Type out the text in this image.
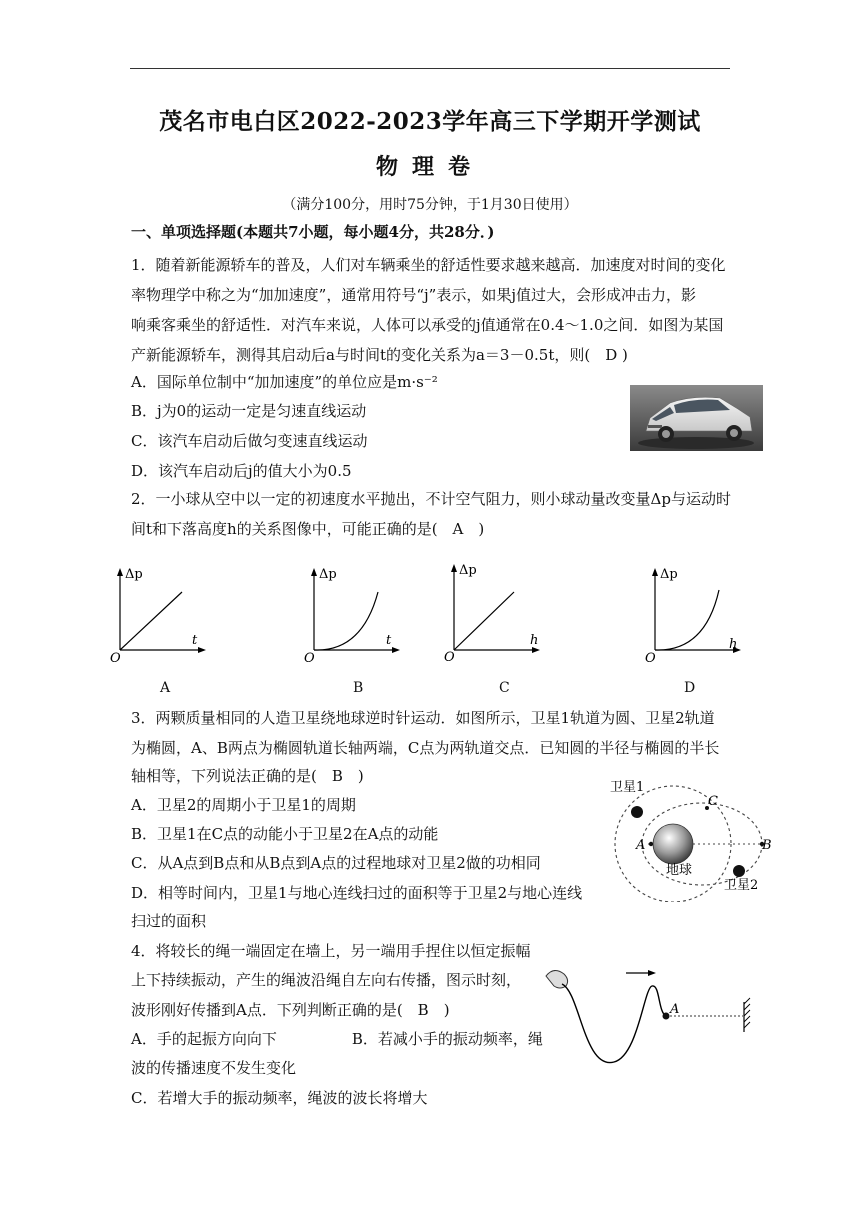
茂名市电白区2022-2023学年高三下学期开学测试
物理卷
（满分100分，用时75分钟，于1月30日使用）
一、单项选择题(本题共7小题，每小题4分，共28分．)
1．随着新能源轿车的普及，人们对车辆乘坐的舒适性要求越来越高．加速度对时间的变化
率物理学中称之为“加加速度”，通常用符号“j”表示，如果j值过大，会形成冲击力，影
响乘客乘坐的舒适性．对汽车来说，人体可以承受的j值通常在0.4～1.0之间．如图为某国
产新能源轿车，测得其启动后a与时间t的变化关系为a＝3－0.5t，则(　D )
A．国际单位制中“加加速度”的单位应是m·s⁻²
B．j为0的运动一定是匀速直线运动
C．该汽车启动后做匀变速直线运动
D．该汽车启动后j的值大小为0.5
2．一小球从空中以一定的初速度水平抛出，不计空气阻力，则小球动量改变量Δp与运动时
间t和下落高度h的关系图像中，可能正确的是(　A　)
Δp
t
O
Δp
t
O
Δp
h
O
Δp
h
O
A	B	C	D
3．两颗质量相同的人造卫星绕地球逆时针运动．如图所示，卫星1轨道为圆、卫星2轨道
为椭圆，A、B两点为椭圆轨道长轴两端，C点为两轨道交点．已知圆的半径与椭圆的半长
轴相等，下列说法正确的是(　B　)
A．卫星2的周期小于卫星1的周期
B．卫星1在C点的动能小于卫星2在A点的动能
C．从A点到B点和从B点到A点的过程地球对卫星2做的功相同
D．相等时间内，卫星1与地心连线扫过的面积等于卫星2与地心连线
扫过的面积
卫星1
C
A	B
地球
卫星2
4．将较长的绳一端固定在墙上，另一端用手捏住以恒定振幅
上下持续振动，产生的绳波沿绳自左向右传播，图示时刻，
波形刚好传播到A点．下列判断正确的是(　B　)
A．手的起振方向向下　　　　　B．若减小手的振动频率，绳
波的传播速度不发生变化
C．若增大手的振动频率，绳波的波长将增大
A
